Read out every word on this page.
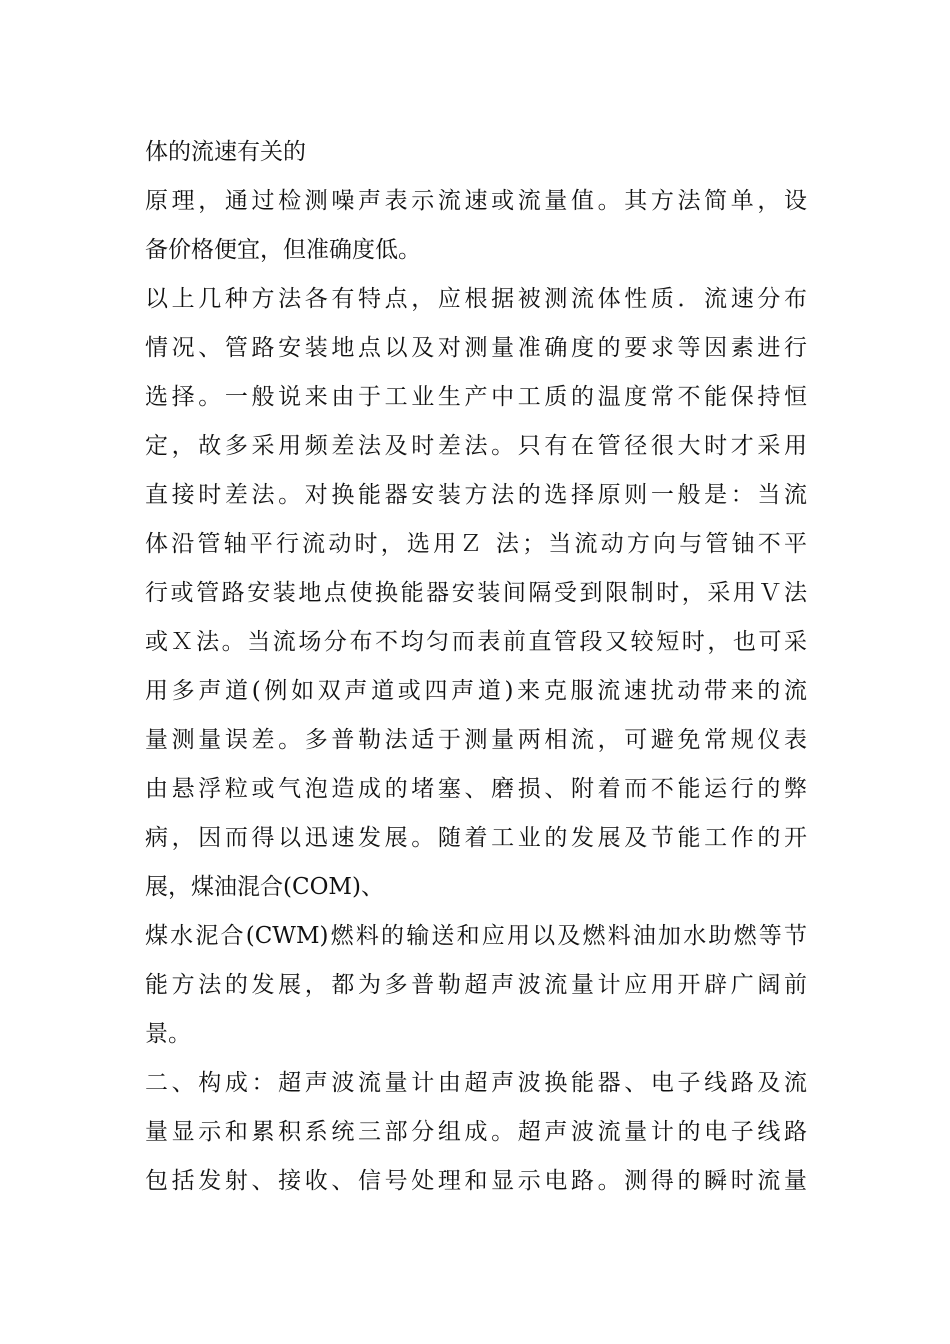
体的流速有关的
原理，通过检测噪声表示流速或流量值。其方法简单，设
备价格便宜，但准确度低。
以上几种方法各有特点，应根据被测流体性质．流速分布
情况、管路安装地点以及对测量准确度的要求等因素进行
选择。一般说来由于工业生产中工质的温度常不能保持恒
定，故多采用频差法及时差法。只有在管径很大时才采用
直接时差法。对换能器安装方法的选择原则一般是：当流
体沿管轴平行流动时，选用Ｚ 法；当流动方向与管铀不平
行或管路安装地点使换能器安装间隔受到限制时，采用Ｖ法
或Ｘ法。当流场分布不均匀而表前直管段又较短时，也可采
用多声道(例如双声道或四声道)来克服流速扰动带来的流
量测量误差。多普勒法适于测量两相流，可避免常规仪表
由悬浮粒或气泡造成的堵塞、磨损、附着而不能运行的弊
病，因而得以迅速发展。随着工业的发展及节能工作的开
展，煤油混合(COM)、
煤水泥合(CWM)燃料的输送和应用以及燃料油加水助燃等节
能方法的发展，都为多普勒超声波流量计应用开辟广阔前
景。
二、构成：超声波流量计由超声波换能器、电子线路及流
量显示和累积系统三部分组成。超声波流量计的电子线路
包括发射、接收、信号处理和显示电路。测得的瞬时流量
